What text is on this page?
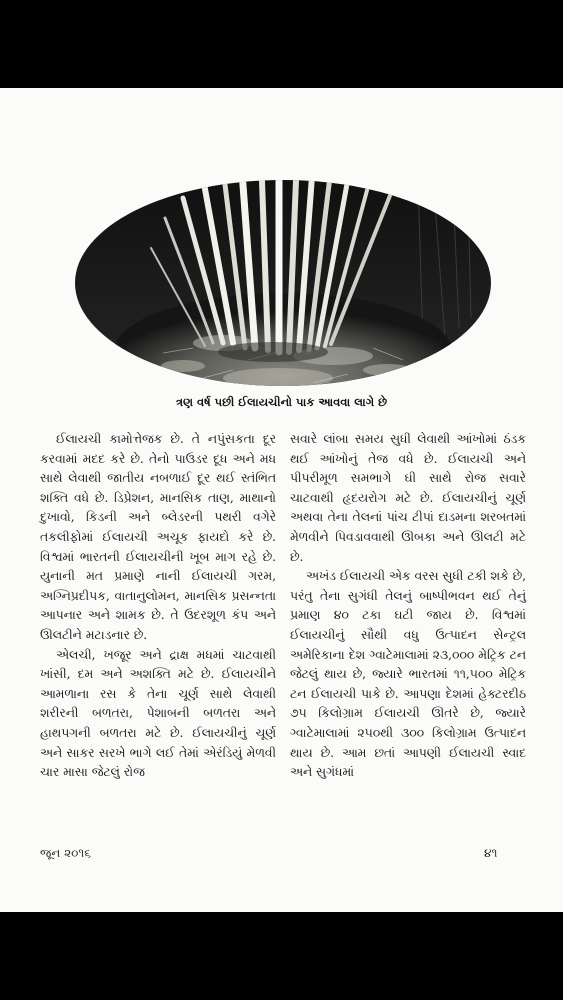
ત્રણ વર્ષ પછી ઈલાયચીનો પાક આવવા લાગે છે

ઈલાયચી કામોત્તેજક છે. તે નપુંસકતા દૂર કરવામાં મદદ કરે છે. તેનો પાઉડર દૂધ અને મધ સાથે લેવાથી જાતીય નબળાઈ દૂર થઈ સ્તંભિત શક્તિ વધે છે. ડિપ્રેશન, માનસિક તાણ, માથાનો દુખાવો, કિડની અને બ્લેડરની પથરી વગેરે તકલીફોમાં ઈલાયચી અચૂક ફાયદો કરે છે. વિશ્વમાં ભારતની ઈલાયચીની ખૂબ માગ રહે છે. યુનાની મત પ્રમાણે નાની ઈલાયચી ગરમ, અગ્નિપ્રદીપક, વાતાનુલોમન, માનસિક પ્રસન્નતા આપનાર અને શામક છે. તે ઉદરશૂળ કંપ અને ઊલટીને મટાડનાર છે.

એલચી, ખજૂર અને દ્રાક્ષ મધમાં ચાટવાથી ખાંસી, દમ અને અશક્તિ મટે છે. ઈલાયચીને આમળાના રસ કે તેના ચૂર્ણ સાથે લેવાથી શરીરની બળતરા, પેશાબની બળતરા અને હાથપગની બળતરા મટે છે. ઈલાયચીનું ચૂર્ણ અને સાકર સરખે ભાગે લઈ તેમાં એરંડિયું મેળવી ચાર માસા જેટલું રોજ

સવારે લાંબા સમય સુધી લેવાથી આંખોમાં ઠંડક થઈ આંખોનું તેજ વધે છે. ઈલાયચી અને પીપરીમૂળ સમભાગે ઘી સાથે રોજ સવારે ચાટવાથી હૃદયરોગ મટે છે. ઈલાયચીનું ચૂર્ણ અથવા તેના તેલનાં પાંચ ટીપાં દાડમના શરબતમાં મેળવીને પિવડાવવાથી ઊબકા અને ઊલટી મટે છે.

અખંડ ઈલાયચી એક વરસ સુધી ટકી શકે છે, પરંતુ તેના સુગંધી તેલનું બાષ્પીભવન થઈ તેનું પ્રમાણ ૪૦ ટકા ઘટી જાય છે. વિશ્વમાં ઈલાયચીનું સૌથી વધુ ઉત્પાદન સેન્ટ્રલ અમેરિકાના દેશ ગ્વાટેમાલામાં ૨૩,૦૦૦ મેટ્રિક ટન જેટલું થાય છે, જ્યારે ભારતમાં ૧૧,૫૦૦ મેટ્રિક ટન ઈલાયચી પાકે છે. આપણા દેશમાં હેક્ટરદીઠ ૭૫ કિલોગ્રામ ઈલાયચી ઊતરે છે, જ્યારે ગ્વાટેમાલામાં ૨૫૦થી ૩૦૦ કિલોગ્રામ ઉત્પાદન થાય છે. આમ છતાં આપણી ઈલાયચી સ્વાદ અને સુગંધમાં

જૂન ૨૦૧૬	૪૧
